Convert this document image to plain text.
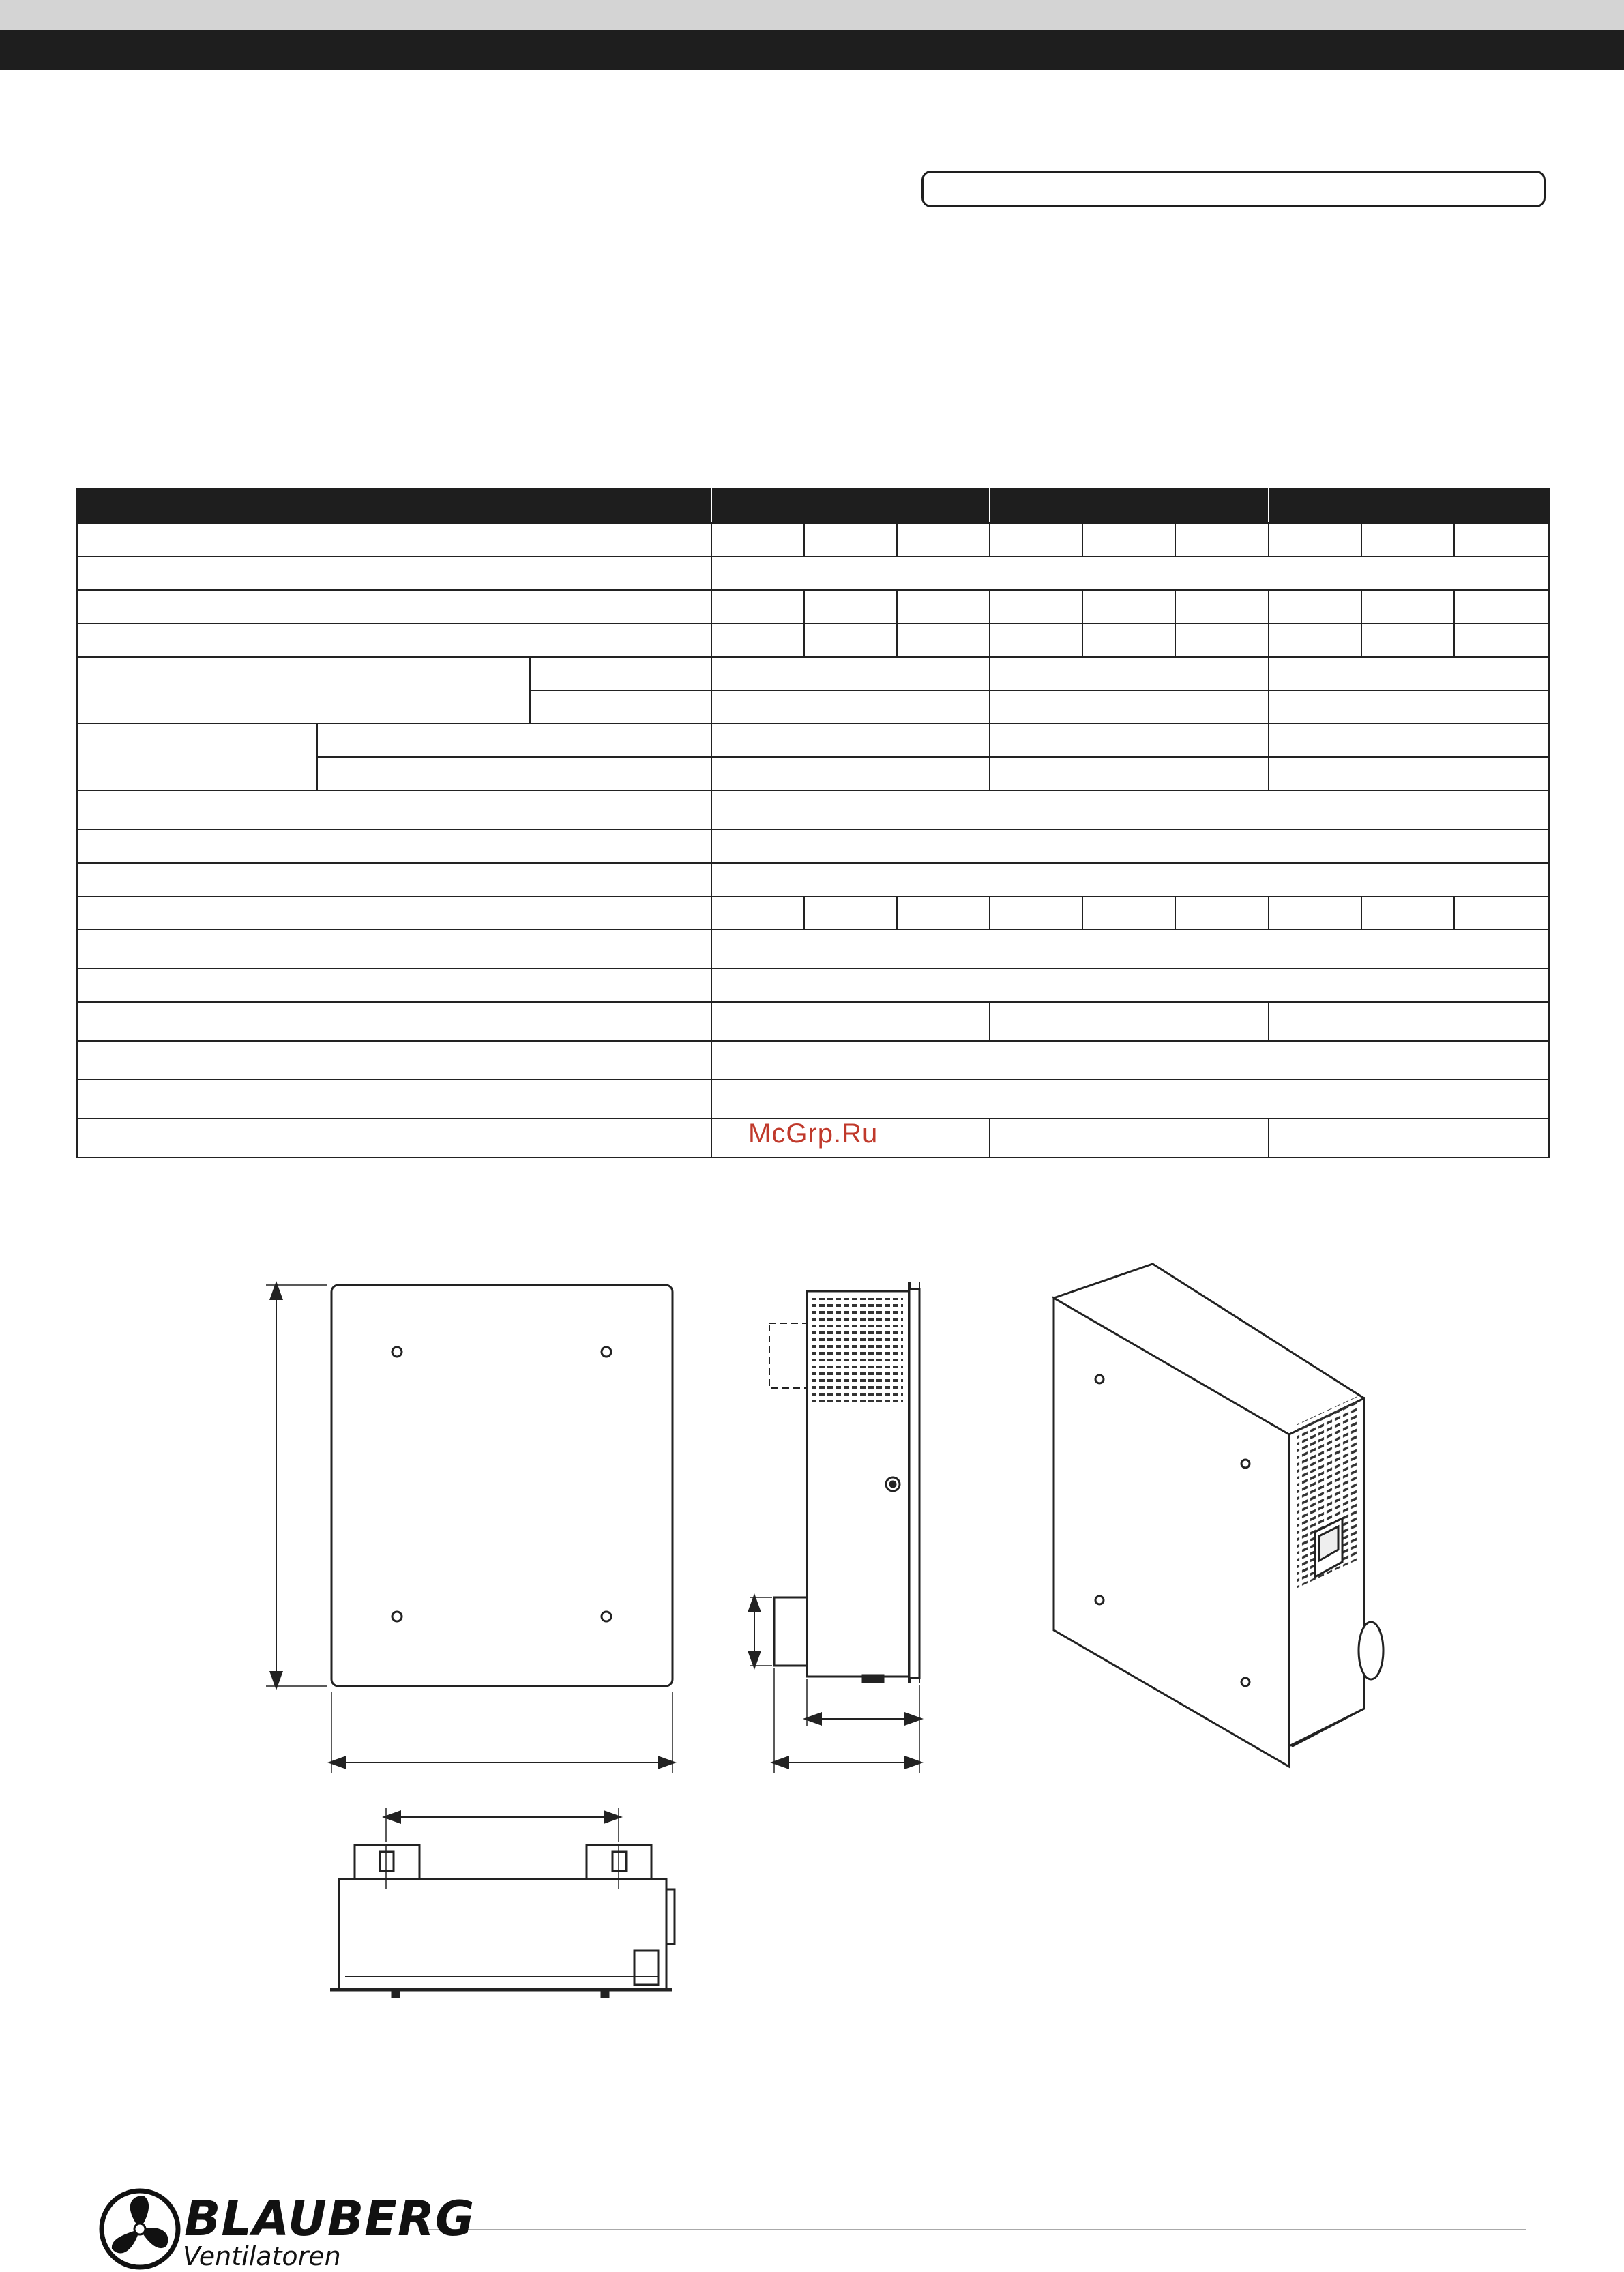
McGrp.Ru
BLAUBERG
Ventilatoren
